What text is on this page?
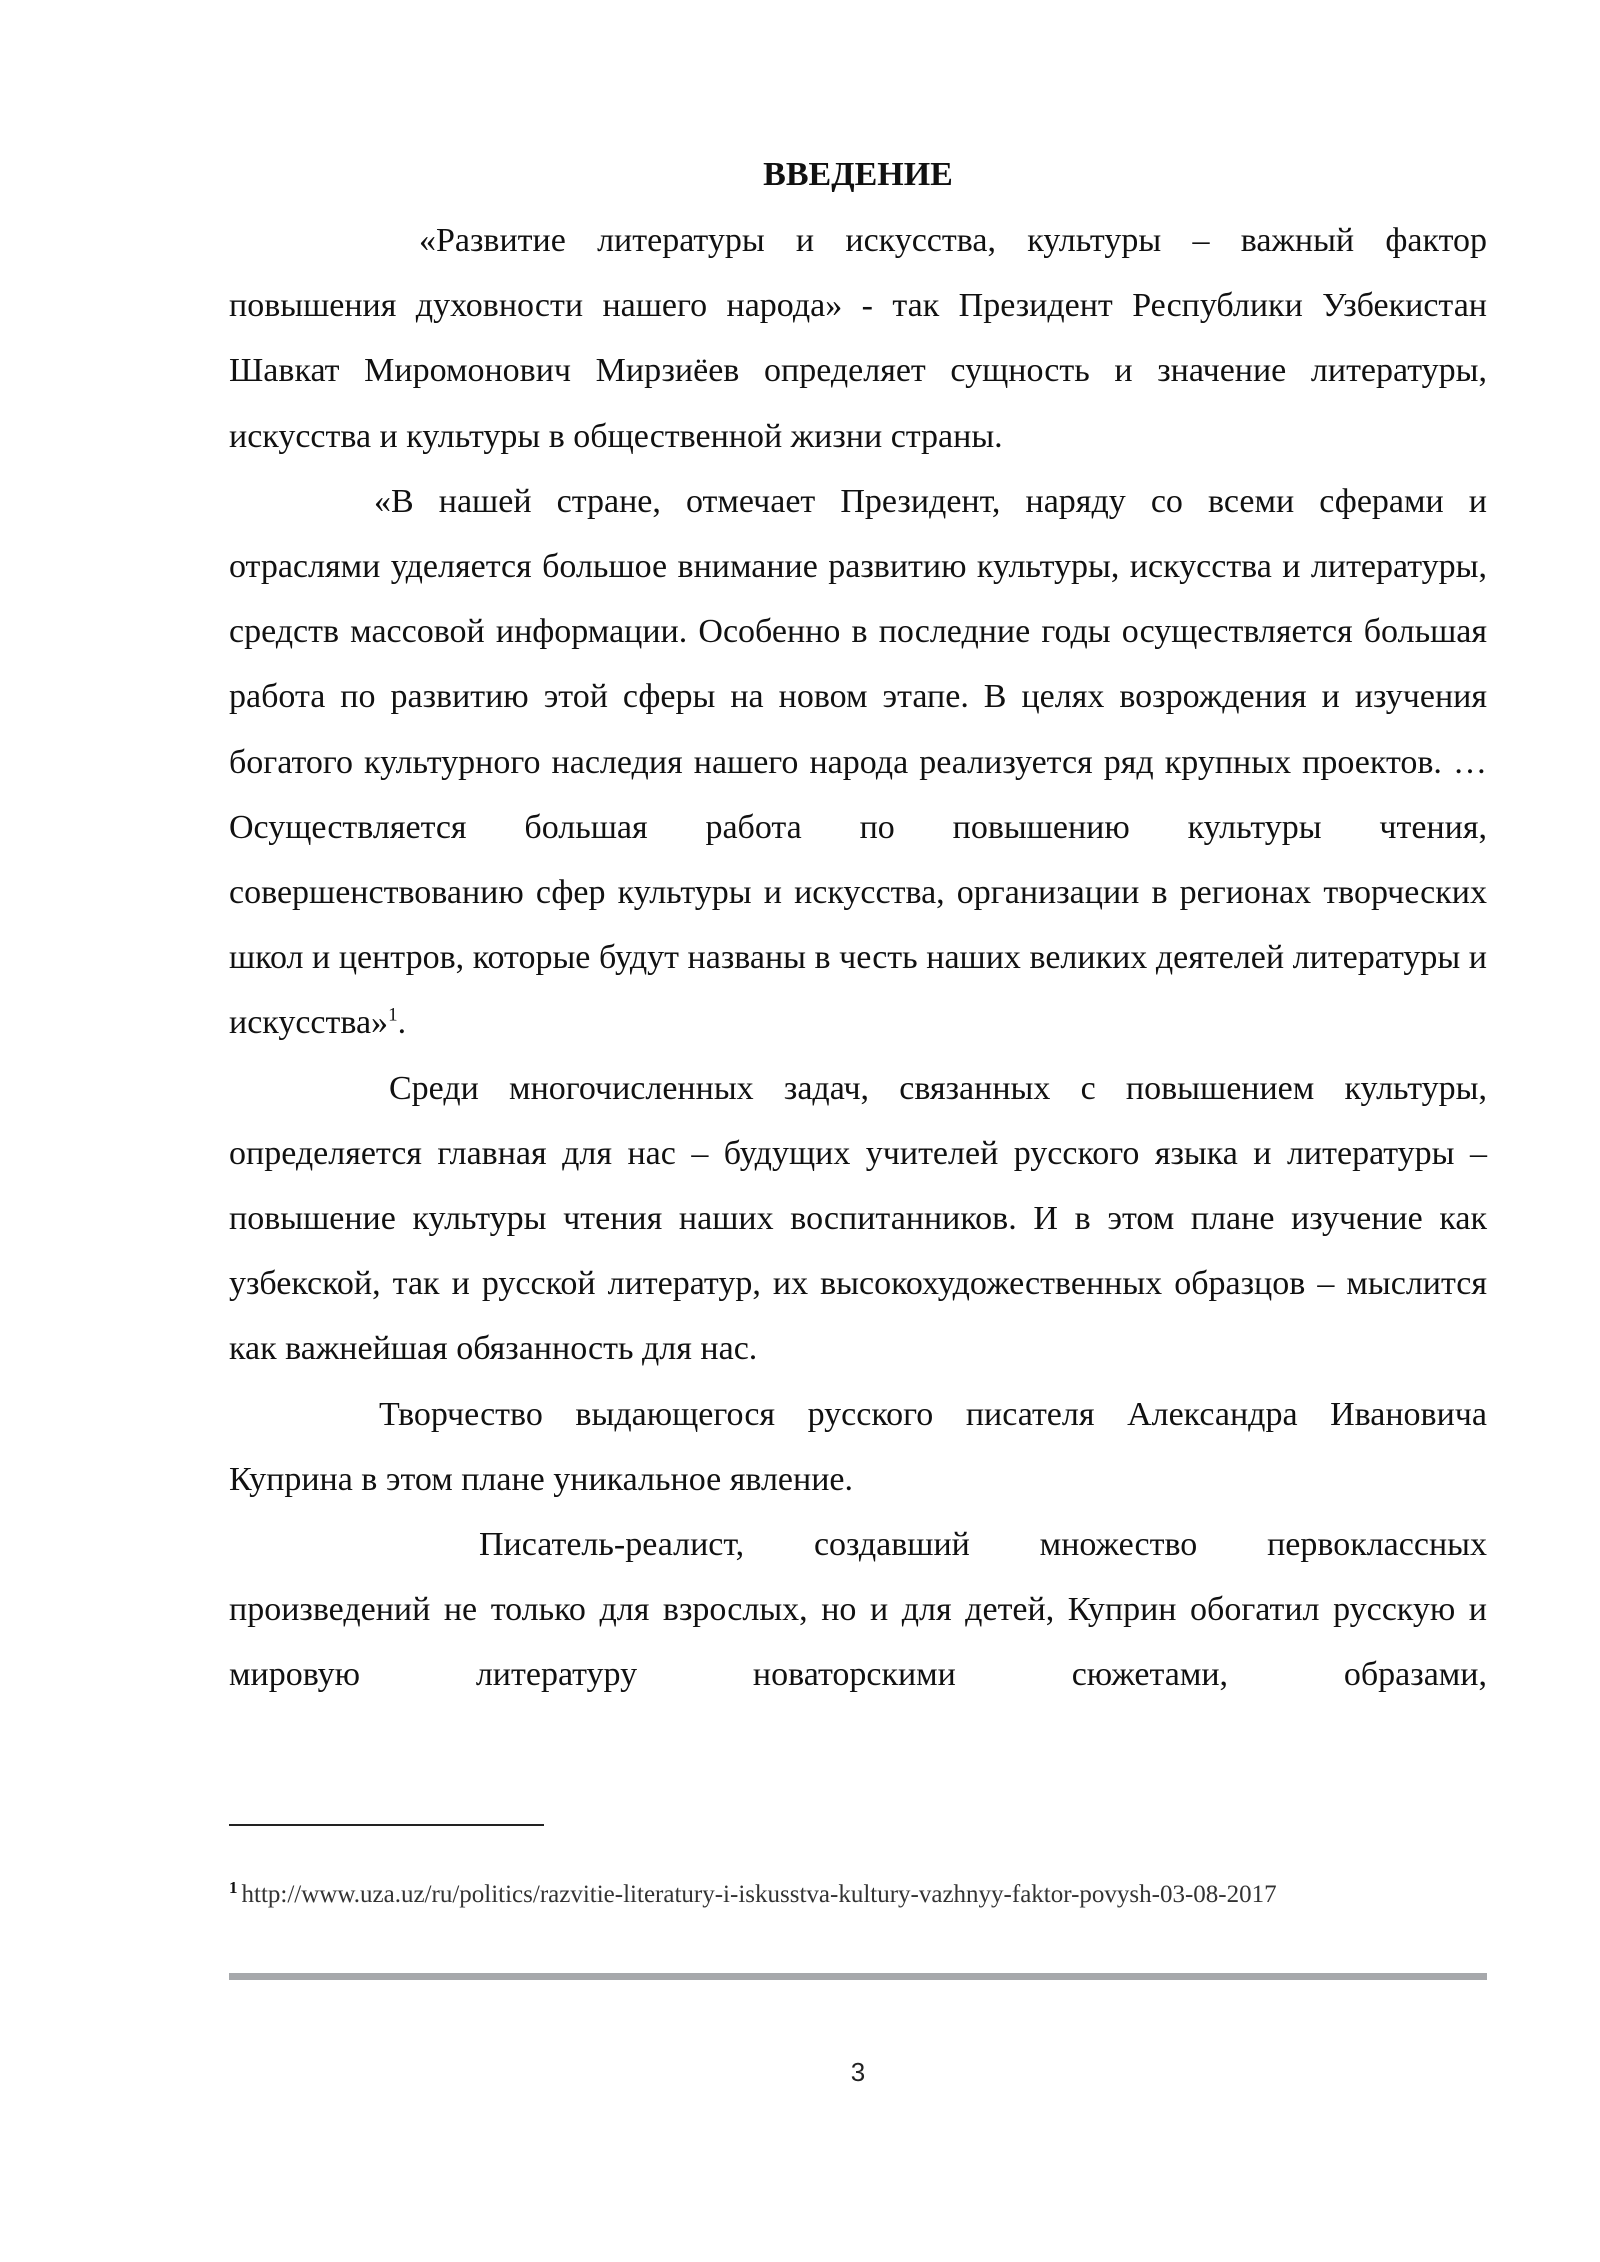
ВВЕДЕНИЕ

«Развитие литературы и искусства, культуры – важный фактор повышения духовности нашего народа» - так Президент Республики Узбекистан Шавкат Миромонович Мирзиёев определяет сущность и значение литературы, искусства и культуры в общественной жизни страны.

«В нашей стране, отмечает Президент, наряду со всеми сферами и отраслями уделяется большое внимание развитию культуры, искусства и литературы, средств массовой информации. Особенно в последние годы осуществляется большая работа по развитию этой сферы на новом этапе. В целях возрождения и изучения богатого культурного наследия нашего народа реализуется ряд крупных проектов. … Осуществляется большая работа по повышению культуры чтения, совершенствованию сфер культуры и искусства, организации в регионах творческих школ и центров, которые будут названы в честь наших великих деятелей литературы и искусства»$^1$.

Среди многочисленных задач, связанных с повышением культуры, определяется главная для нас – будущих учителей русского языка и литературы – повышение культуры чтения наших воспитанников. И в этом плане изучение как узбекской, так и русской литератур, их высокохудожественных образцов – мыслится как важнейшая обязанность для нас.

Творчество выдающегося русского писателя Александра Ивановича Куприна в этом плане уникальное явление.

Писатель-реалист, создавший множество первоклассных произведений не только для взрослых, но и для детей, Куприн обогатил русскую и мировую литературу новаторскими сюжетами, образами,

$^1$ http://www.uza.uz/ru/politics/razvitie-literatury-i-iskusstva-kultury-vazhnyy-faktor-povysh-03-08-2017

3
